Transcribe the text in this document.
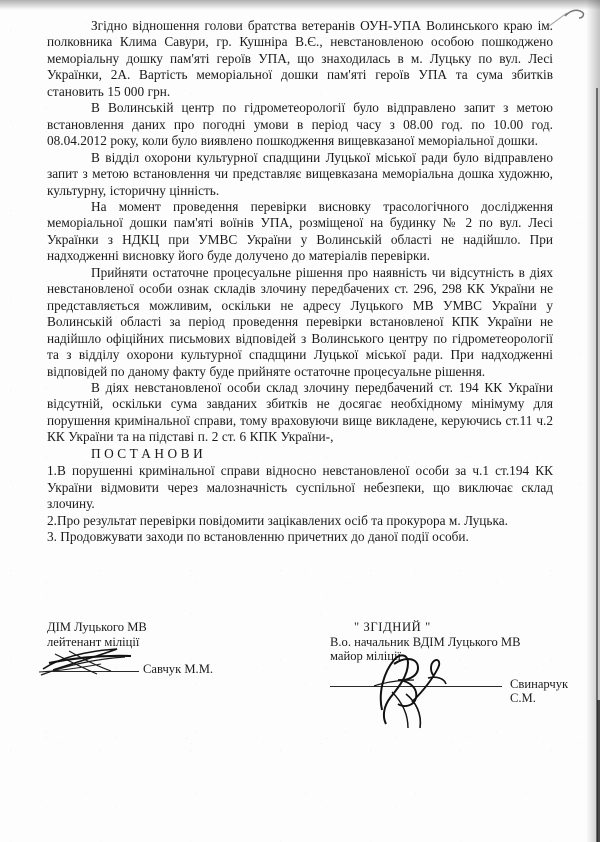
Згідно відношення голови братства ветеранів ОУН-УПА Волинського краю ім. полковника Клима Савури, гр. Кушніра В.Є., невстановленою особою пошкоджено меморіальну дошку пам'яті героїв УПА, що знаходилась в м. Луцьку по вул. Лесі Українки, 2А. Вартість меморіальної дошки пам'яті героїв УПА та сума збитків становить 15 000 грн.

В Волинській центр по гідрометеорології було відправлено запит з метою встановлення даних про погодні умови в період часу з 08.00 год. по 10.00 год. 08.04.2012 року, коли було виявлено пошкодження вищевказаної меморіальної дошки.

В відділ охорони культурної спадщини Луцької міської ради було відправлено запит з метою встановлення чи представляє вищевказана меморіальна дошка художню, культурну, історичну цінність.

На момент проведення перевірки висновку трасологічного дослідження меморіальної дошки пам'яті воїнів УПА, розміщеної на будинку № 2 по вул. Лесі Українки з НДКЦ при УМВС України у Волинській області не надійшло. При надходженні висновку його буде долучено до матеріалів перевірки.

Прийняти остаточне процесуальне рішення про наявність чи відсутність в діях невстановленої особи ознак складів злочину передбачених ст. 296, 298 КК України не представляється можливим, оскільки не адресу Луцького МВ УМВС України у Волинській області за період проведення перевірки встановленої КПК України не надійшло офіційних письмових відповідей з Волинського центру по гідрометеорології та з відділу охорони культурної спадщини Луцької міської ради. При надходженні відповідей по даному факту буде прийняте остаточне процесуальне рішення.

В діях невстановленої особи склад злочину передбачений ст. 194 КК України відсутній, оскільки сума завданих збитків не досягає необхідному мінімуму для порушення кримінальної справи, тому враховуючи вище викладене, керуючись ст.11 ч.2 КК України та на підставі п. 2 ст. 6 КПК України-,

П О С Т А Н О В И

1.В порушенні кримінальної справи відносно невстановленої особи за ч.1 ст.194 КК України відмовити через малозначність суспільної небезпеки, що виключає склад злочину.
2.Про результат перевірки повідомити зацікавлених осіб та прокурора м. Луцька.
3. Продовжувати заходи по встановленню причетних до даної події особи.
ДІМ Луцького МВ
лейтенант міліції
Савчук М.М.
" ЗГІДНИЙ "
В.о. начальник ВДІМ Луцького МВ
майор міліції
Свинарчук С.М.
